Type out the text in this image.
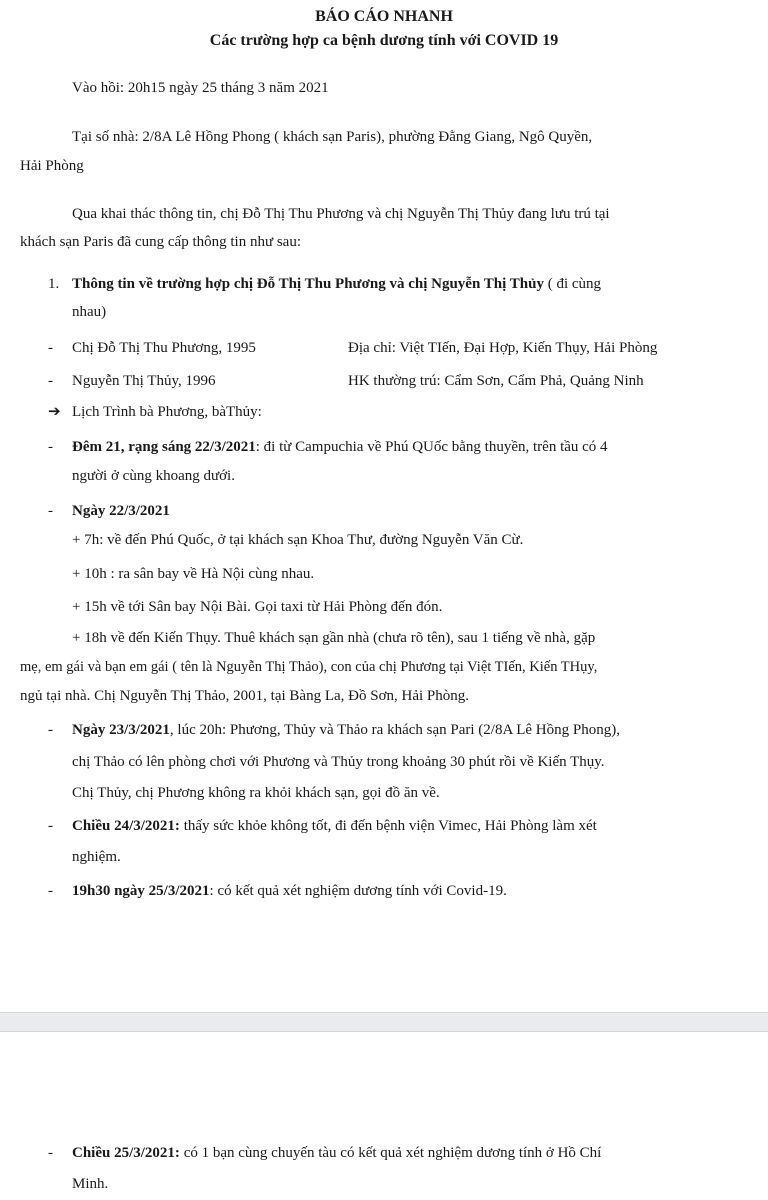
BÁO CÁO NHANH
Các trường hợp ca bệnh dương tính với COVID 19
Vào hồi: 20h15 ngày 25 tháng 3 năm 2021
Tại số nhà: 2/8A Lê Hồng Phong ( khách sạn Paris), phường Đằng Giang, Ngô Quyền,
Hải Phòng
Qua khai thác thông tin, chị Đỗ Thị Thu Phương và chị Nguyễn Thị Thủy đang lưu trú tại
khách sạn Paris đã cung cấp thông tin như sau:
1. Thông tin về trường hợp chị Đỗ Thị Thu Phương và chị Nguyễn Thị Thủy ( đi cùng
nhau)
- Chị Đỗ Thị Thu Phương, 1995	Địa chỉ: Việt TIến, Đại Hợp, Kiến Thụy, Hải Phòng
- Nguyễn Thị Thủy, 1996	HK thường trú: Cẩm Sơn, Cẩm Phả, Quảng Ninh
➔ Lịch Trình bà Phương, bàThủy:
- Đêm 21, rạng sáng 22/3/2021: đi từ Campuchia về Phú QUốc bằng thuyền, trên tầu có 4
người ở cùng khoang dưới.
- Ngày 22/3/2021
+ 7h: về đến Phú Quốc, ở tại khách sạn Khoa Thư, đường Nguyễn Văn Cừ.
+ 10h : ra sân bay về Hà Nội cùng nhau.
+ 15h về tới Sân bay Nội Bài. Gọi taxi từ Hải Phòng đến đón.
+ 18h về đến Kiến Thụy. Thuê khách sạn gần nhà (chưa rõ tên), sau 1 tiếng về nhà, gặp
mẹ, em gái và bạn em gái ( tên là Nguyễn Thị Thảo), con của chị Phương tại Việt TIến, Kiến THụy,
ngủ tại nhà. Chị Nguyễn Thị Thảo, 2001, tại Bàng La, Đồ Sơn, Hải Phòng.
- Ngày 23/3/2021, lúc 20h: Phương, Thủy và Thảo ra khách sạn Pari (2/8A Lê Hồng Phong),
chị Thảo có lên phòng chơi với Phương và Thủy trong khoảng 30 phút rồi về Kiến Thụy.
Chị Thủy, chị Phương không ra khỏi khách sạn, gọi đồ ăn về.
- Chiều 24/3/2021: thấy sức khỏe không tốt, đi đến bệnh viện Vimec, Hải Phòng làm xét
nghiệm.
- 19h30 ngày 25/3/2021: có kết quả xét nghiệm dương tính với Covid-19.
- Chiều 25/3/2021: có 1 bạn cùng chuyến tàu có kết quả xét nghiệm dương tính ở Hồ Chí
Minh.
